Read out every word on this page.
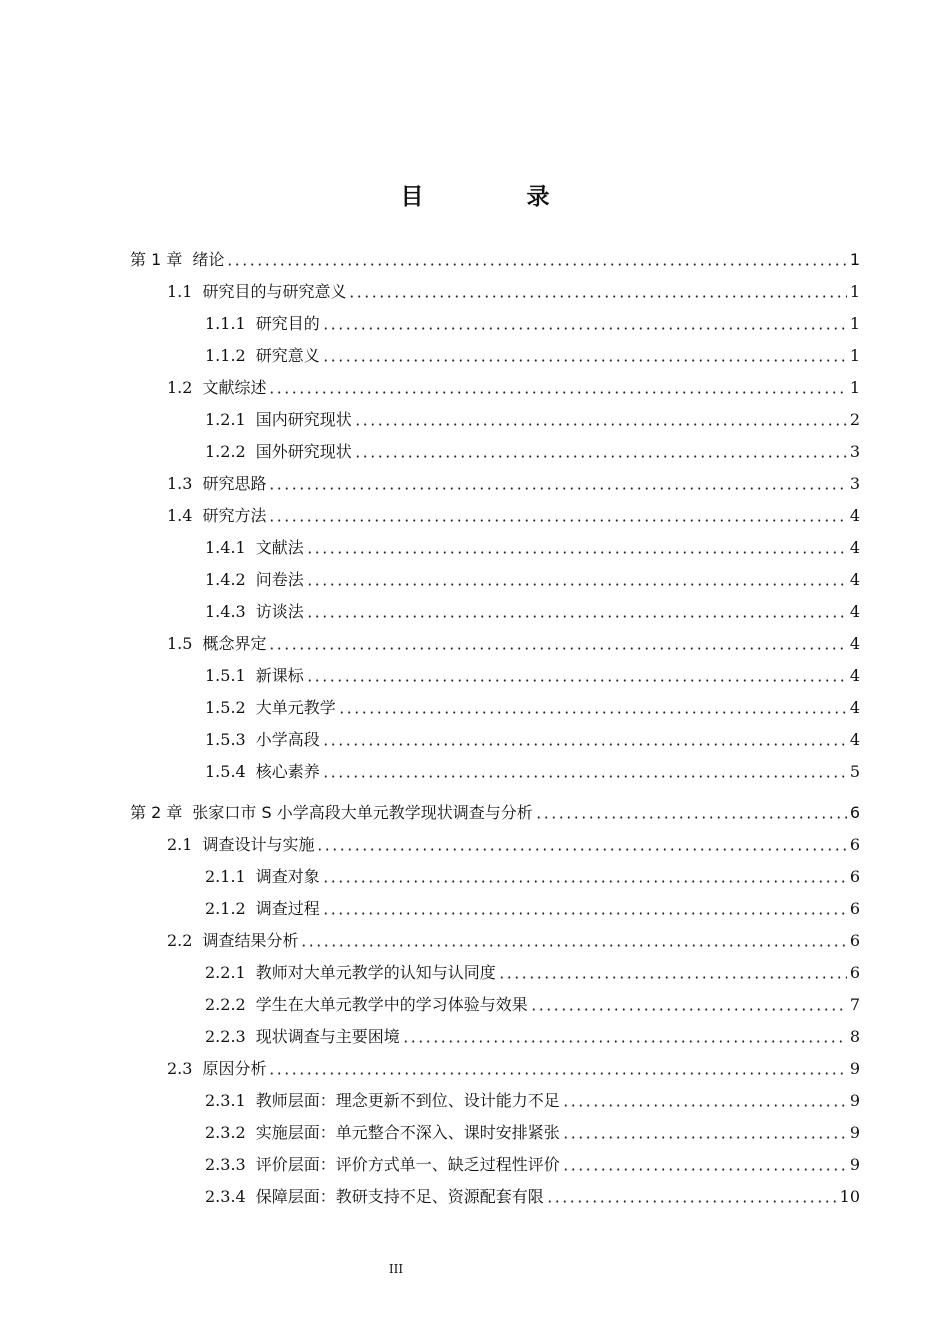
目　录
第 1 章 绪论	1
1.1 研究目的与研究意义	1
1.1.1 研究目的	1
1.1.2 研究意义	1
1.2 文献综述	1
1.2.1 国内研究现状	2
1.2.2 国外研究现状	3
1.3 研究思路	3
1.4 研究方法	4
1.4.1 文献法	4
1.4.2 问卷法	4
1.4.3 访谈法	4
1.5 概念界定	4
1.5.1 新课标	4
1.5.2 大单元教学	4
1.5.3 小学高段	4
1.5.4 核心素养	5
第 2 章 张家口市 S 小学高段大单元教学现状调查与分析	6
2.1 调查设计与实施	6
2.1.1 调查对象	6
2.1.2 调查过程	6
2.2 调查结果分析	6
2.2.1 教师对大单元教学的认知与认同度	6
2.2.2 学生在大单元教学中的学习体验与效果	7
2.2.3 现状调查与主要困境	8
2.3 原因分析	9
2.3.1 教师层面：理念更新不到位、设计能力不足	9
2.3.2 实施层面：单元整合不深入、课时安排紧张	9
2.3.3 评价层面：评价方式单一、缺乏过程性评价	9
2.3.4 保障层面：教研支持不足、资源配套有限	10
III
